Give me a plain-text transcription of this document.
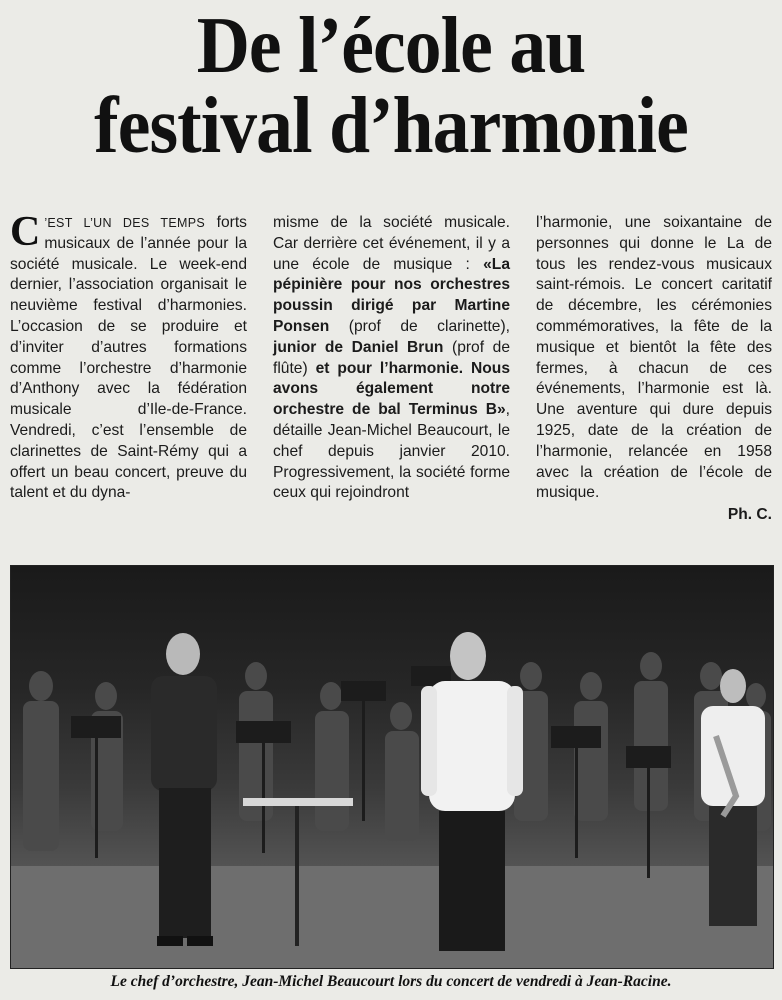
De l’école au
festival d’harmonie

C ’EST L’UN DES TEMPS forts musicaux de l’année pour la société musicale. Le week-end dernier, l’association organisait le neuvième festival d’harmonies. L’occasion de se produire et d’inviter d’autres formations comme l’orchestre d’harmonie d’Anthony avec la fédération musicale d’Ile-de-France. Vendredi, c’est l’ensemble de clarinettes de Saint-Rémy qui a offert un beau concert, preuve du talent et du dyna-

misme de la société musicale. Car derrière cet événement, il y a une école de musique : «La pépinière pour nos orchestres poussin dirigé par Martine Ponsen (prof de clarinette), junior de Daniel Brun (prof de flûte) et pour l’harmonie. Nous avons également notre orchestre de bal Terminus B», détaille Jean-Michel Beaucourt, le chef depuis janvier 2010. Progressivement, la société forme ceux qui rejoindront

l’harmonie, une soixantaine de personnes qui donne le La de tous les rendez-vous musicaux saint-rémois. Le concert caritatif de décembre, les cérémonies commémoratives, la fête de la musique et bientôt la fête des fermes, à chacun de ces événements, l’harmonie est là. Une aventure qui dure depuis 1925, date de la création de l’harmonie, relancée en 1958 avec la création de l’école de musique.

Ph. C.
Le chef d’orchestre, Jean-Michel Beaucourt lors du concert de vendredi à Jean-Racine.
